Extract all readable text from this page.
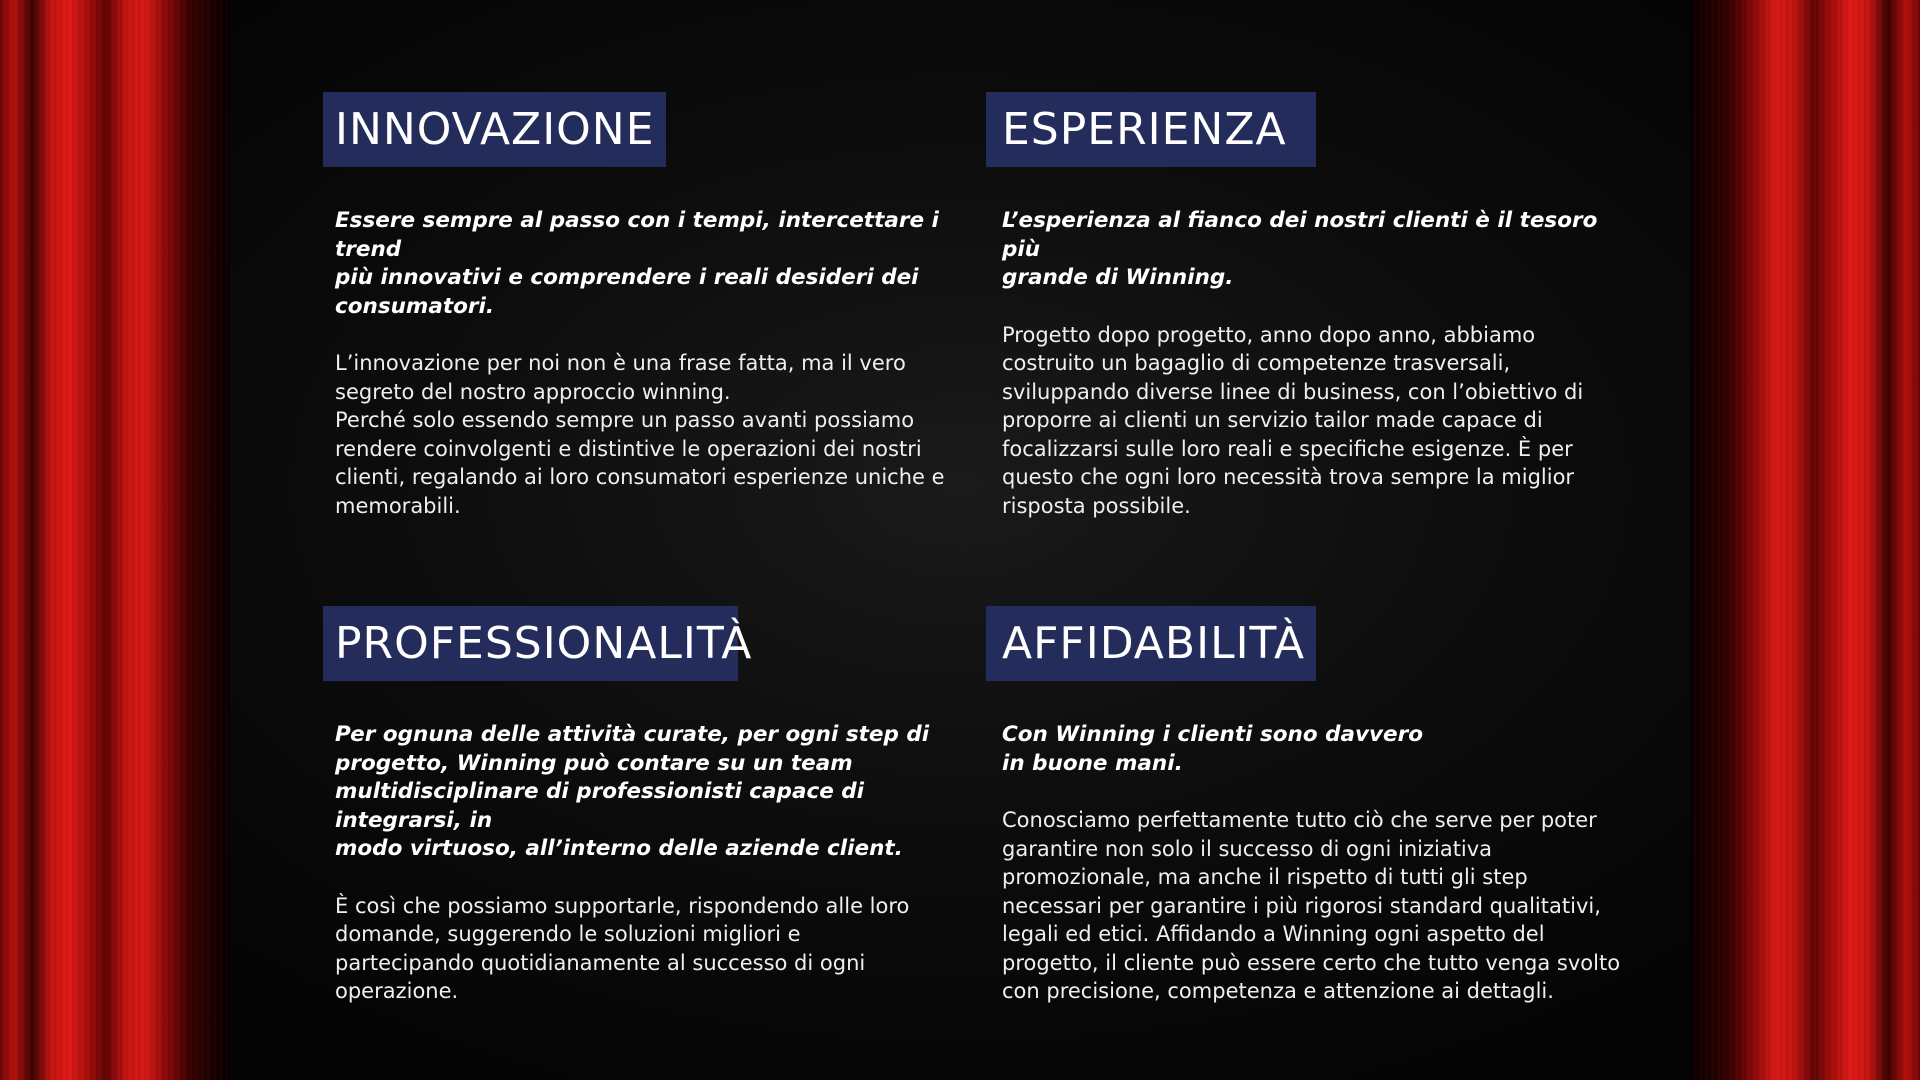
INNOVAZIONE

Essere sempre al passo con i tempi, intercettare i trend
più innovativi e comprendere i reali desideri dei
consumatori.

L’innovazione per noi non è una frase fatta, ma il vero
segreto del nostro approccio winning.
Perché solo essendo sempre un passo avanti possiamo
rendere coinvolgenti e distintive le operazioni dei nostri
clienti, regalando ai loro consumatori esperienze uniche e
memorabili.

ESPERIENZA

L’esperienza al fianco dei nostri clienti è il tesoro più
grande di Winning.

Progetto dopo progetto, anno dopo anno, abbiamo
costruito un bagaglio di competenze trasversali,
sviluppando diverse linee di business, con l’obiettivo di
proporre ai clienti un servizio tailor made capace di
focalizzarsi sulle loro reali e specifiche esigenze. È per
questo che ogni loro necessità trova sempre la miglior
risposta possibile.

PROFESSIONALITÀ

Per ognuna delle attività curate, per ogni step di
progetto, Winning può contare su un team
multidisciplinare di professionisti capace di integrarsi, in
modo virtuoso, all’interno delle aziende client.

È così che possiamo supportarle, rispondendo alle loro
domande, suggerendo le soluzioni migliori e
partecipando quotidianamente al successo di ogni
operazione.

AFFIDABILITÀ

Con Winning i clienti sono davvero
in buone mani.

Conosciamo perfettamente tutto ciò che serve per poter
garantire non solo il successo di ogni iniziativa
promozionale, ma anche il rispetto di tutti gli step
necessari per garantire i più rigorosi standard qualitativi,
legali ed etici. Affidando a Winning ogni aspetto del
progetto, il cliente può essere certo che tutto venga svolto
con precisione, competenza e attenzione ai dettagli.
